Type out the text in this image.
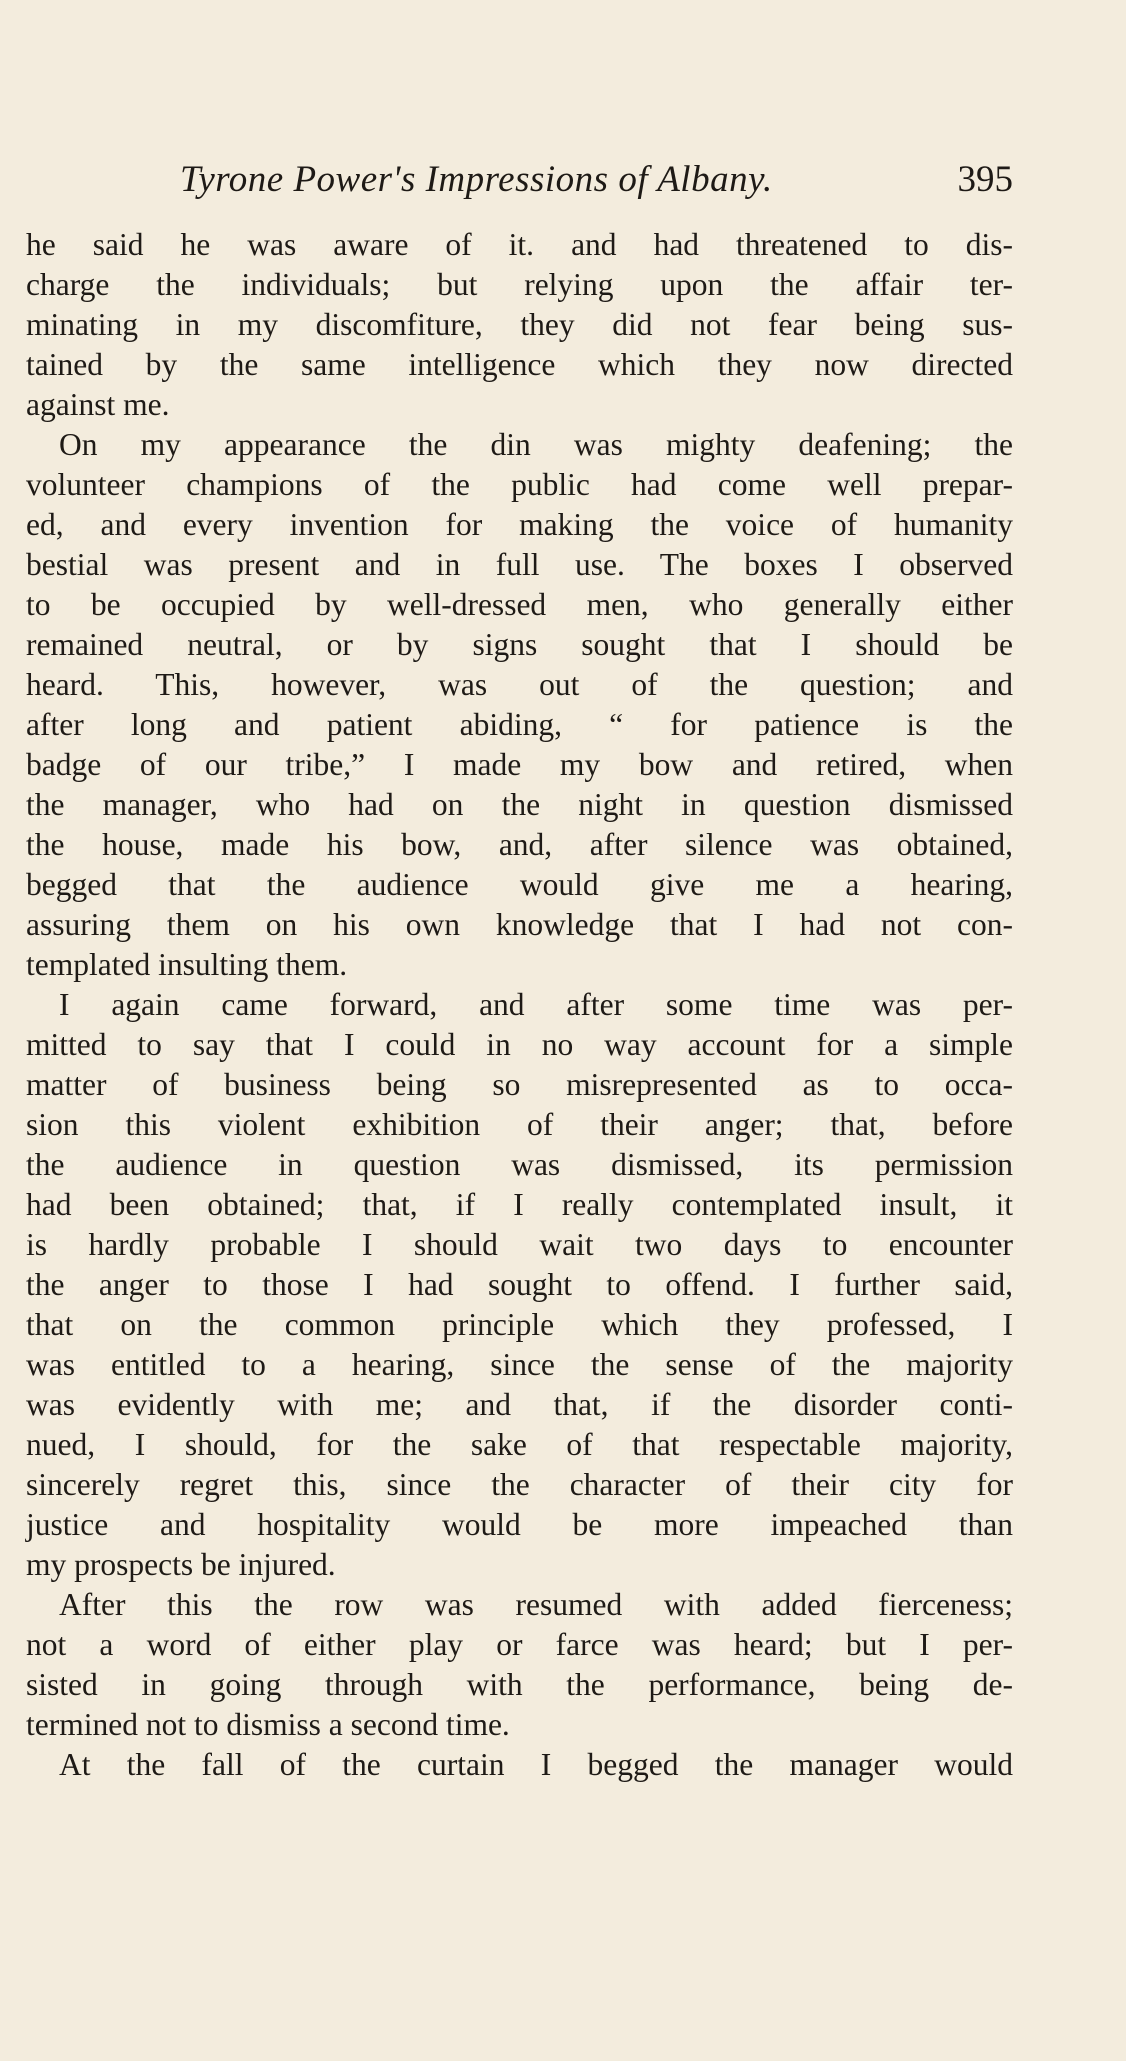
Tyrone Power's Impressions of Albany.	395
he said he was aware of it. and had threatened to dis-
charge the individuals; but relying upon the affair ter-
minating in my discomfiture, they did not fear being sus-
tained by the same intelligence which they now directed
against me.
On my appearance the din was mighty deafening; the
volunteer champions of the public had come well prepar-
ed, and every invention for making the voice of humanity
bestial was present and in full use. The boxes I observed
to be occupied by well-dressed men, who generally either
remained neutral, or by signs sought that I should be
heard. This, however, was out of the question; and
after long and patient abiding, “ for patience is the
badge of our tribe,” I made my bow and retired, when
the manager, who had on the night in question dismissed
the house, made his bow, and, after silence was obtained,
begged that the audience would give me a hearing,
assuring them on his own knowledge that I had not con-
templated insulting them.
I again came forward, and after some time was per-
mitted to say that I could in no way account for a simple
matter of business being so misrepresented as to occa-
sion this violent exhibition of their anger; that, before
the audience in question was dismissed, its permission
had been obtained; that, if I really contemplated insult, it
is hardly probable I should wait two days to encounter
the anger to those I had sought to offend. I further said,
that on the common principle which they professed, I
was entitled to a hearing, since the sense of the majority
was evidently with me; and that, if the disorder conti-
nued, I should, for the sake of that respectable majority,
sincerely regret this, since the character of their city for
justice and hospitality would be more impeached than
my prospects be injured.
After this the row was resumed with added fierceness;
not a word of either play or farce was heard; but I per-
sisted in going through with the performance, being de-
termined not to dismiss a second time.
At the fall of the curtain I begged the manager would
